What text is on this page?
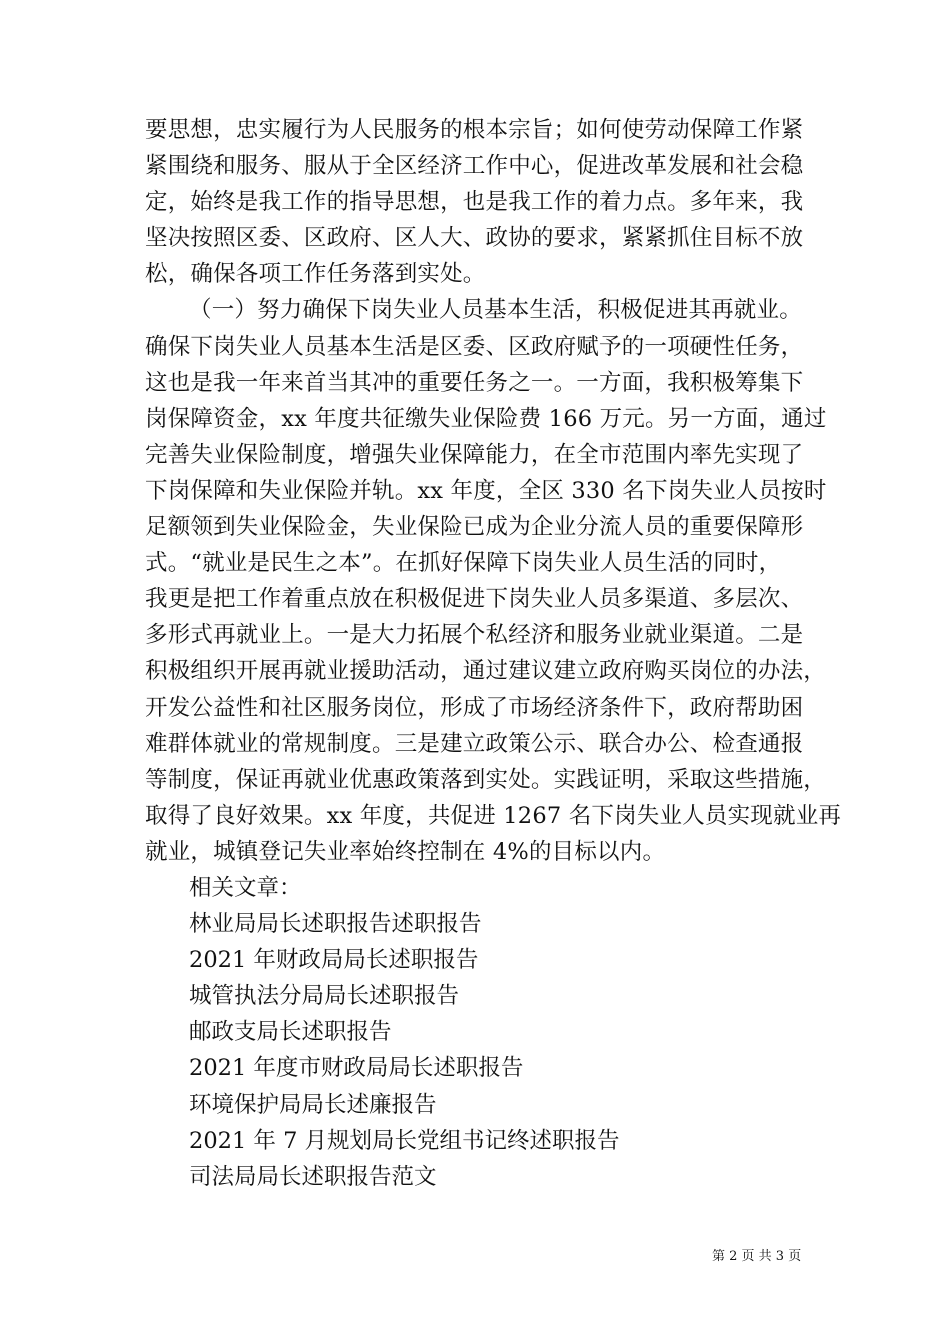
要思想，忠实履行为人民服务的根本宗旨；如何使劳动保障工作紧
紧围绕和服务、服从于全区经济工作中心，促进改革发展和社会稳
定，始终是我工作的指导思想，也是我工作的着力点。多年来，我
坚决按照区委、区政府、区人大、政协的要求，紧紧抓住目标不放
松，确保各项工作任务落到实处。
（一）努力确保下岗失业人员基本生活，积极促进其再就业。
确保下岗失业人员基本生活是区委、区政府赋予的一项硬性任务，
这也是我一年来首当其冲的重要任务之一。一方面，我积极筹集下
岗保障资金，xx 年度共征缴失业保险费 166 万元。另一方面，通过
完善失业保险制度，增强失业保障能力，在全市范围内率先实现了
下岗保障和失业保险并轨。xx 年度，全区 330 名下岗失业人员按时
足额领到失业保险金，失业保险已成为企业分流人员的重要保障形
式。“就业是民生之本”。在抓好保障下岗失业人员生活的同时，
我更是把工作着重点放在积极促进下岗失业人员多渠道、多层次、
多形式再就业上。一是大力拓展个私经济和服务业就业渠道。二是
积极组织开展再就业援助活动，通过建议建立政府购买岗位的办法，
开发公益性和社区服务岗位，形成了市场经济条件下，政府帮助困
难群体就业的常规制度。三是建立政策公示、联合办公、检查通报
等制度，保证再就业优惠政策落到实处。实践证明，采取这些措施，
取得了良好效果。xx 年度，共促进 1267 名下岗失业人员实现就业再
就业，城镇登记失业率始终控制在 4%的目标以内。
相关文章：
林业局局长述职报告述职报告
2021 年财政局局长述职报告
城管执法分局局长述职报告
邮政支局长述职报告
2021 年度市财政局局长述职报告
环境保护局局长述廉报告
2021 年 7 月规划局长党组书记终述职报告
司法局局长述职报告范文
第 2 页 共 3 页
